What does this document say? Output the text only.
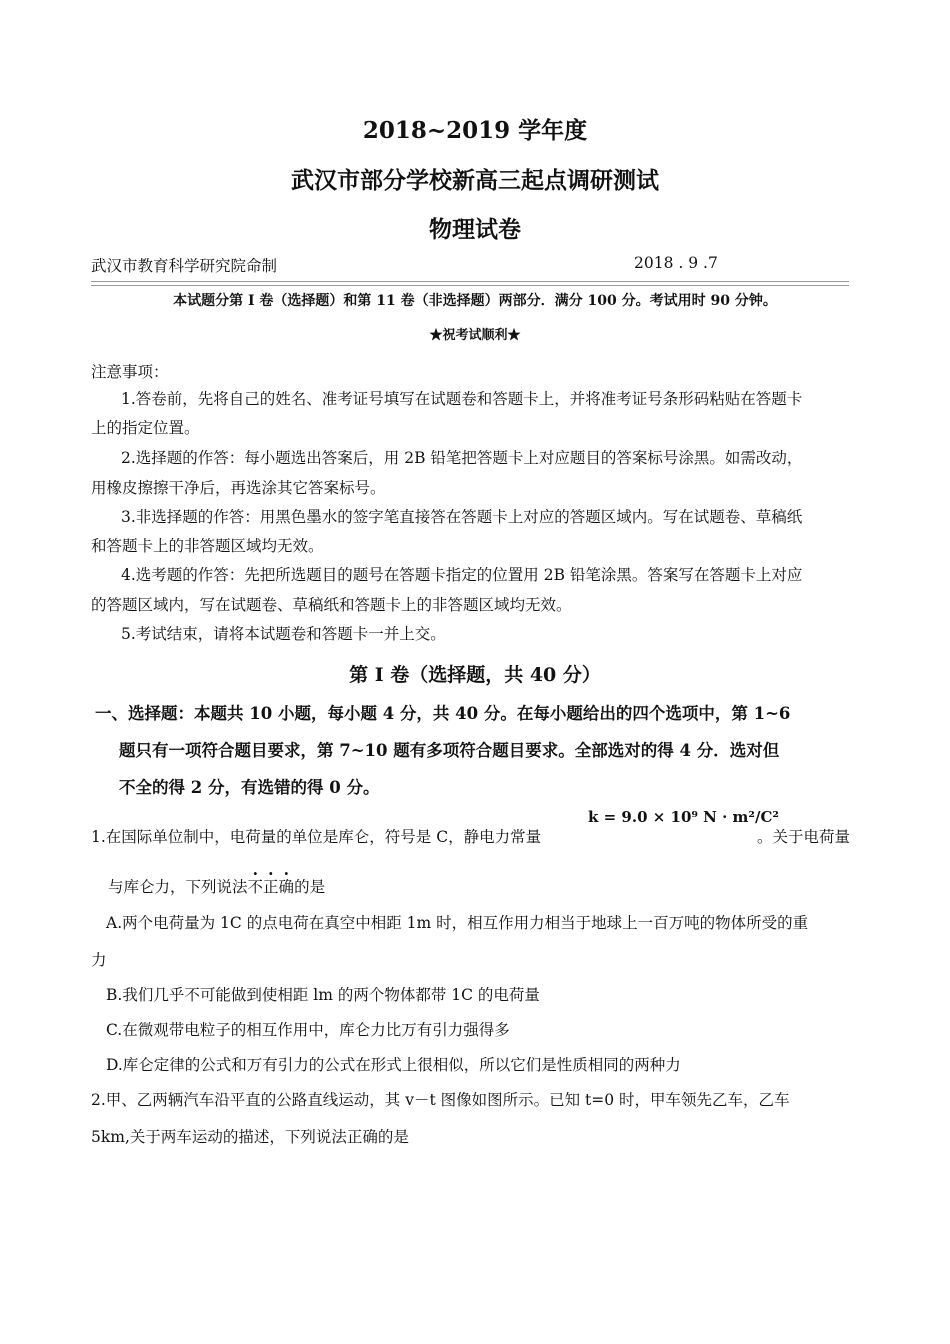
2018~2019 学年度
武汉市部分学校新高三起点调研测试
物理试卷
武汉市教育科学研究院命制	2018 . 9 .7
本试题分第 I 卷（选择题）和第 11 卷（非选择题）两部分．满分 100 分。考试用时 90 分钟。
★祝考试顺利★
注意事项：
1.答卷前，先将自己的姓名、准考证号填写在试题卷和答题卡上，并将准考证号条形码粘贴在答题卡
上的指定位置。
2.选择题的作答：每小题选出答案后，用 2B 铅笔把答题卡上对应题目的答案标号涂黑。如需改动，
用橡皮擦擦干净后，再选涂其它答案标号。
3.非选择题的作答：用黑色墨水的签字笔直接答在答题卡上对应的答题区域内。写在试题卷、草稿纸
和答题卡上的非答题区域均无效。
4.选考题的作答：先把所选题目的题号在答题卡指定的位置用 2B 铅笔涂黑。答案写在答题卡上对应
的答题区域内，写在试题卷、草稿纸和答题卡上的非答题区域均无效。
5.考试结束，请将本试题卷和答题卡一并上交。
第 I 卷（选择题，共 40 分）
一、选择题：本题共 10 小题，每小题 4 分，共 40 分。在每小题给出的四个选项中，第 1~6
题只有一项符合题目要求，第 7~10 题有多项符合题目要求。全部选对的得 4 分．选对但
不全的得 2 分，有选错的得 0 分。
1.在国际单位制中，电荷量的单位是库仑，符号是 C，静电力常量
k = 9.0 × 10⁹ N · m²/C²
。关于电荷量
与库仑力，下列说法不正确的是
A.两个电荷量为 1C 的点电荷在真空中相距 1m 时，相互作用力相当于地球上一百万吨的物体所受的重
力
B.我们几乎不可能做到使相距 lm 的两个物体都带 1C 的电荷量
C.在微观带电粒子的相互作用中，库仑力比万有引力强得多
D.库仑定律的公式和万有引力的公式在形式上很相似，所以它们是性质相同的两种力
2.甲、乙两辆汽车沿平直的公路直线运动，其 v－t 图像如图所示。已知 t=0 时，甲车领先乙车，乙车
5km,关于两车运动的描述，下列说法正确的是
